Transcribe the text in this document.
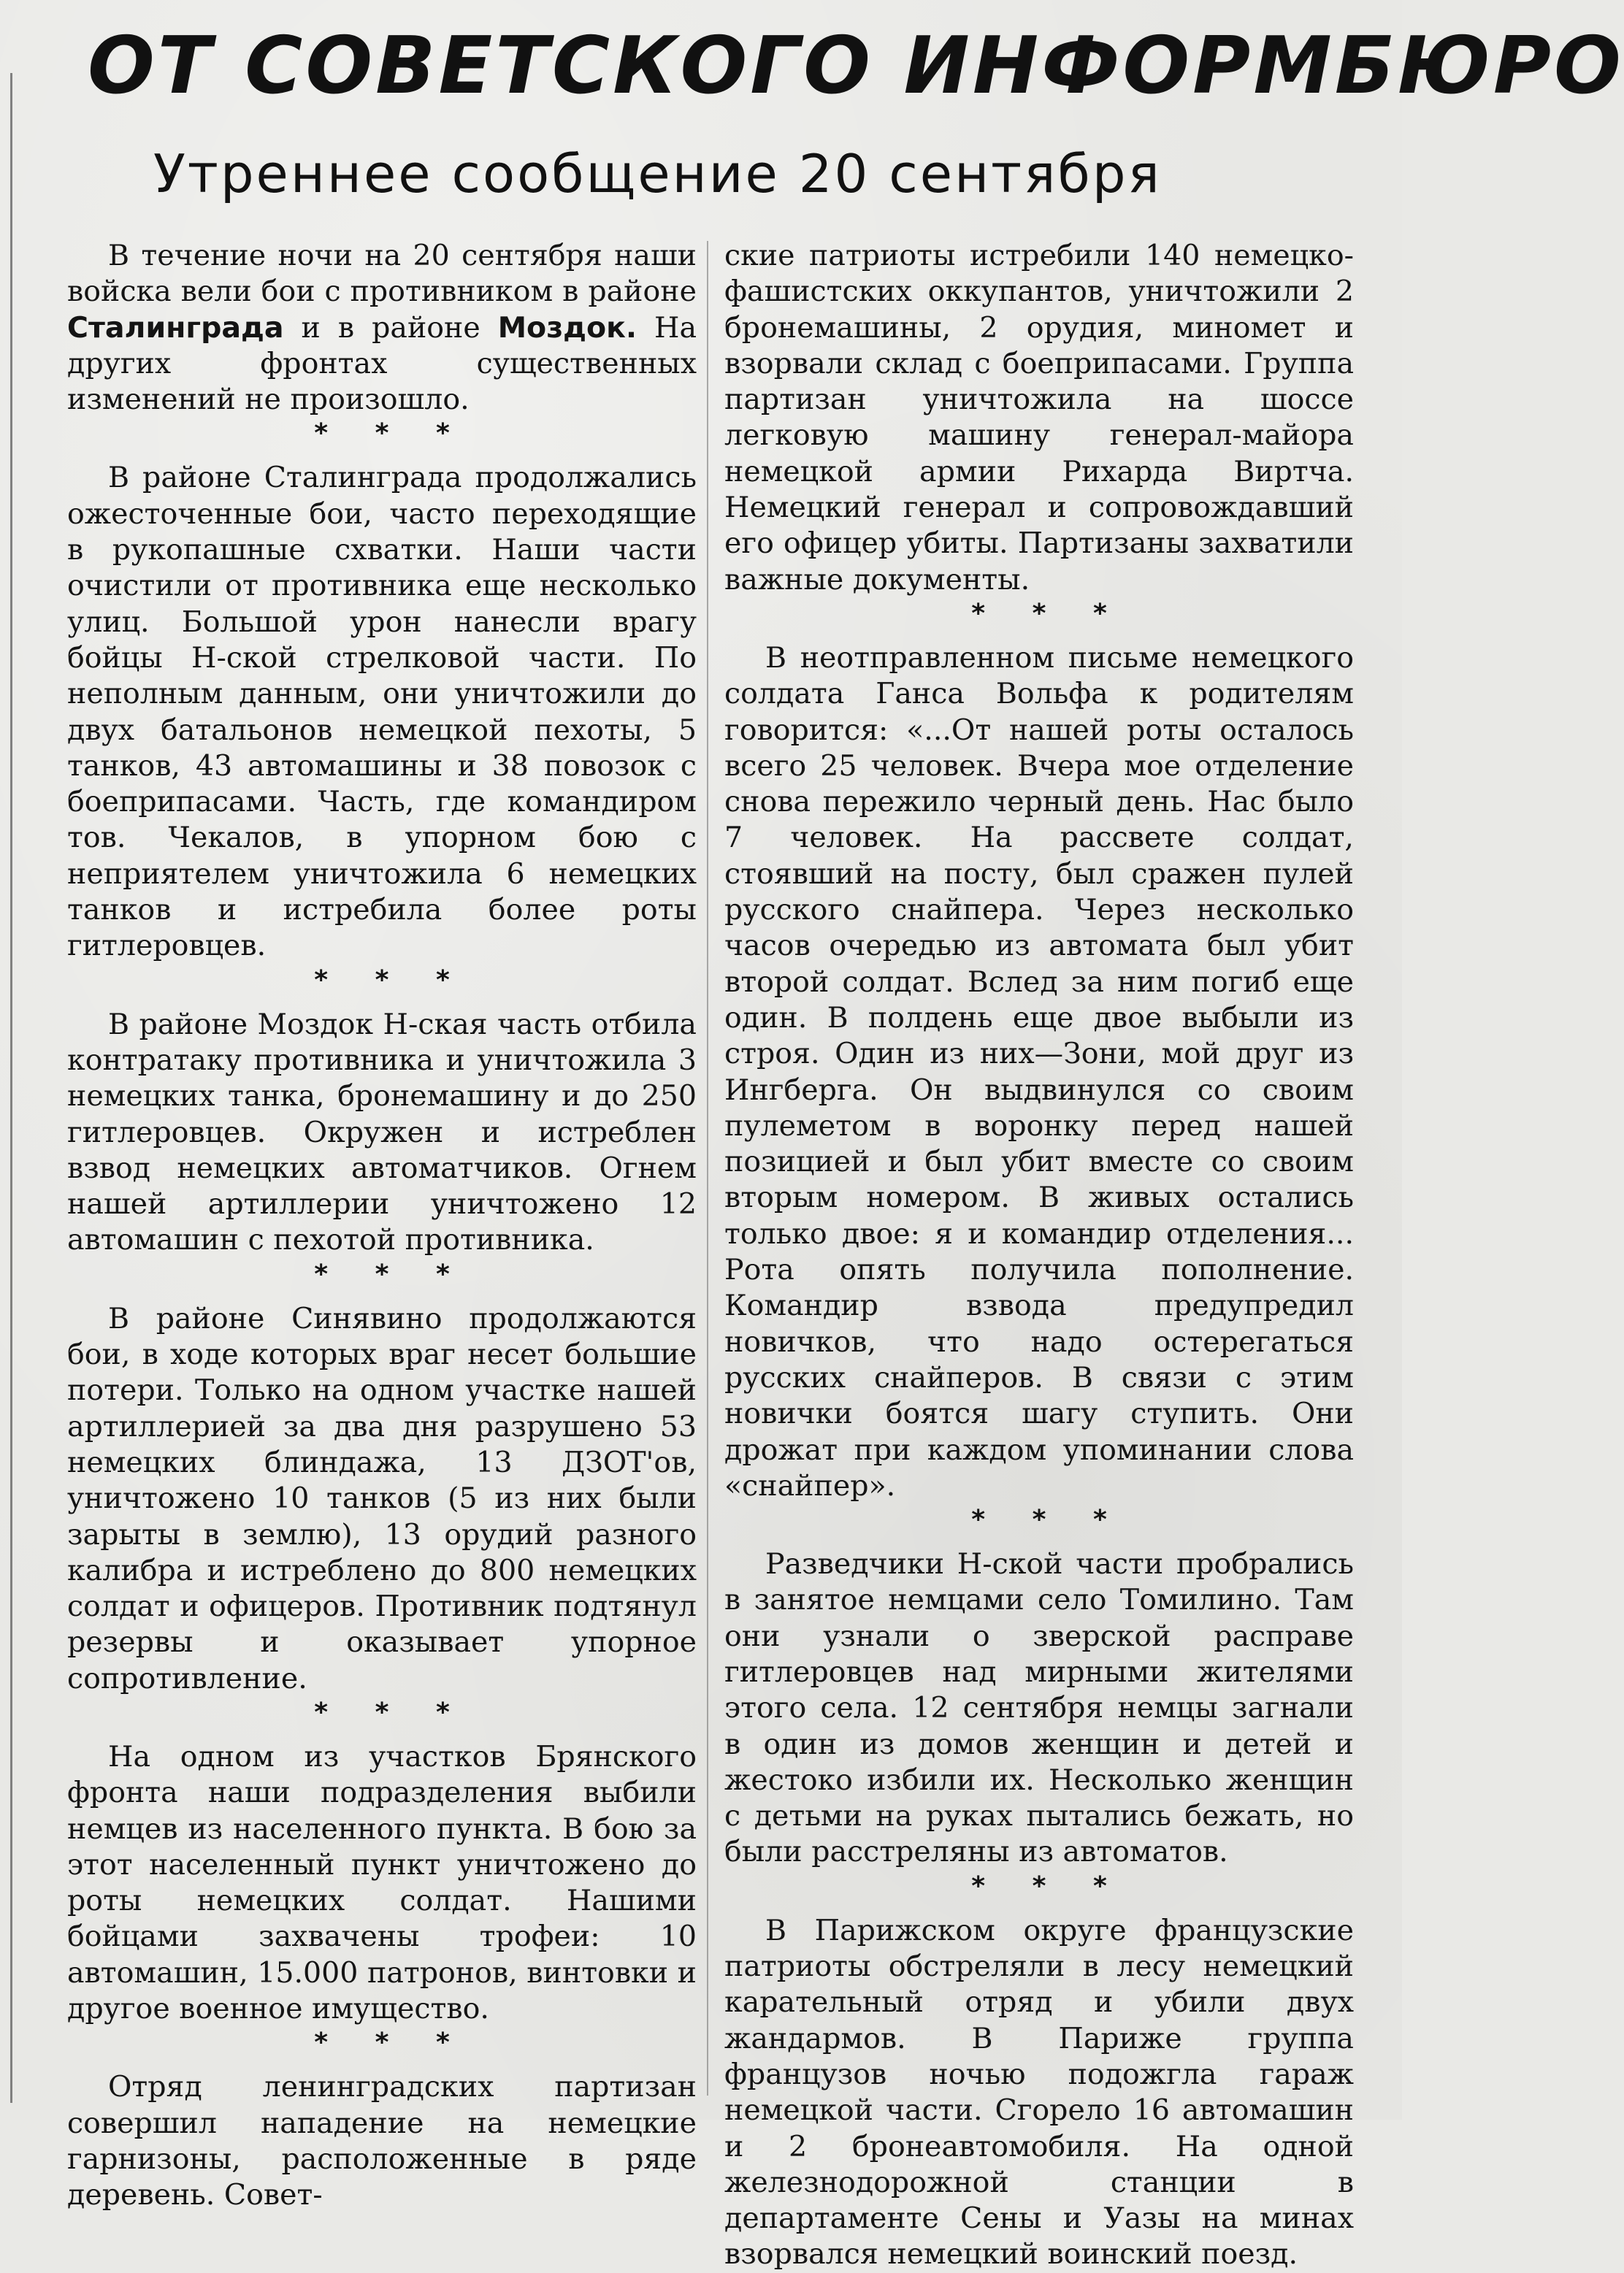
ОТ СОВЕТСКОГО ИНФОРМБЮРО
Утреннее сообщение 20 сентября

В течение ночи на 20 сентября наши войска вели бои с противником в районе Сталинграда и в районе Моздок. На других фронтах существенных изменений не произошло.

* * *

В районе Сталинграда продолжались ожесточенные бои, часто переходящие в рукопашные схватки. Наши части очистили от противника еще несколько улиц. Большой урон нанесли врагу бойцы Н-ской стрелковой части. По неполным данным, они уничтожили до двух батальонов немецкой пехоты, 5 танков, 43 автомашины и 38 повозок с боеприпасами. Часть, где командиром тов. Чекалов, в упорном бою с неприятелем уничтожила 6 немецких танков и истребила более роты гитлеровцев.

* * *

В районе Моздок Н-ская часть отбила контратаку противника и уничтожила 3 немецких танка, бронемашину и до 250 гитлеровцев. Окружен и истреблен взвод немецких автоматчиков. Огнем нашей артиллерии уничтожено 12 автомашин с пехотой противника.

* * *

В районе Синявино продолжаются бои, в ходе которых враг несет большие потери. Только на одном участке нашей артиллерией за два дня разрушено 53 немецких блиндажа, 13 ДЗОТ'ов, уничтожено 10 танков (5 из них были зарыты в землю), 13 орудий разного калибра и истреблено до 800 немецких солдат и офицеров. Противник подтянул резервы и оказывает упорное сопротивление.

* * *

На одном из участков Брянского фронта наши подразделения выбили немцев из населенного пункта. В бою за этот населенный пункт уничтожено до роты немецких солдат. Нашими бойцами захвачены трофеи: 10 автомашин, 15.000 патронов, винтовки и другое военное имущество.

* * *

Отряд ленинградских партизан совершил нападение на немецкие гарнизоны, расположенные в ряде деревень. Совет-

ские патриоты истребили 140 немецко-фашистских оккупантов, уничтожили 2 бронемашины, 2 орудия, миномет и взорвали склад с боеприпасами. Группа партизан уничтожила на шоссе легковую машину генерал-майора немецкой армии Рихарда Виртча. Немецкий генерал и сопровождавший его офицер убиты. Партизаны захватили важные документы.

* * *

В неотправленном письме немецкого солдата Ганса Вольфа к родителям говорится: «...От нашей роты осталось всего 25 человек. Вчера мое отделение снова пережило черный день. Нас было 7 человек. На рассвете солдат, стоявший на посту, был сражен пулей русского снайпера. Через несколько часов очередью из автомата был убит второй солдат. Вслед за ним погиб еще один. В полдень еще двое выбыли из строя. Один из них—Зони, мой друг из Ингберга. Он выдвинулся со своим пулеметом в воронку перед нашей позицией и был убит вместе со своим вторым номером. В живых остались только двое: я и командир отделения... Рота опять получила пополнение. Командир взвода предупредил новичков, что надо остерегаться русских снайперов. В связи с этим новички боятся шагу ступить. Они дрожат при каждом упоминании слова «снайпер».

* * *

Разведчики Н-ской части пробрались в занятое немцами село Томилино. Там они узнали о зверской расправе гитлеровцев над мирными жителями этого села. 12 сентября немцы загнали в один из домов женщин и детей и жестоко избили их. Несколько женщин с детьми на руках пытались бежать, но были расстреляны из автоматов.

* * *

В Парижском округе французские патриоты обстреляли в лесу немецкий карательный отряд и убили двух жандармов. В Париже группа французов ночью подожгла гараж немецкой части. Сгорело 16 автомашин и 2 бронеавтомобиля. На одной железнодорожной станции в департаменте Сены и Уазы на минах взорвался немецкий воинский поезд.
